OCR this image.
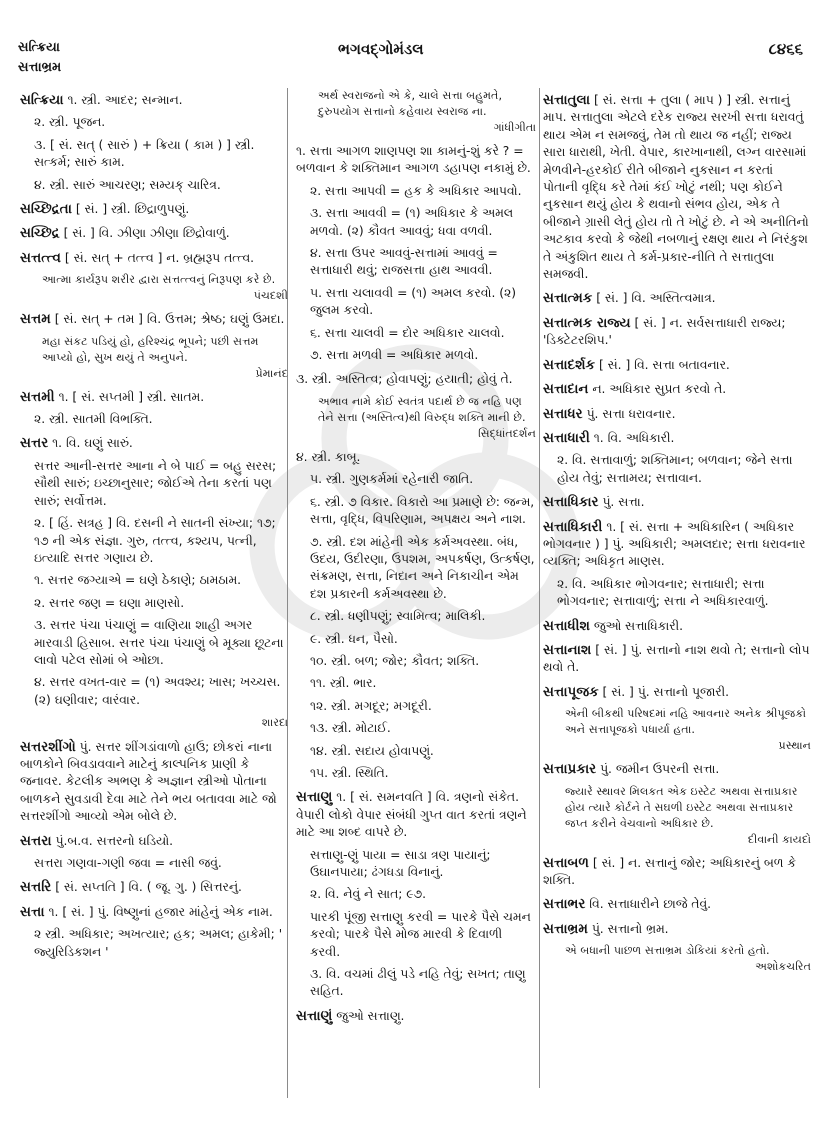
સત્ક્રિયા
સત્તાભ્રમ
ભગવદ્ગોમંડલ	૮૪૬૬
સત્ક્રિયા ૧. સ્ત્રી. આદર; સન્માન.
૨. સ્ત્રી. પૂજન.
૩. [ સં. સત્ ( સારું ) + ક્રિયા ( કામ ) ] સ્ત્રી. સત્કર્મ; સારું કામ.
૪. સ્ત્રી. સારું આચરણ; સમ્યક્ ચારિત્ર.
સચ્છિદ્રતા [ સં. ] સ્ત્રી. છિદ્રાળુપણું.
સચ્છિદ્ર [ સં. ] વિ. ઝીણા ઝીણા છિદ્રોવાળું.
સત્તત્ત્વ [ સં. સત્ + તત્ત્વ ] ન. બ્રહ્મરૂપ તત્ત્વ.
આત્મા કાર્યરૂપ શરીર દ્વારા સત્તત્ત્વનું નિરૂપણ કરે છે.
પંચદશી
સત્તમ [ સં. સત્ + તમ ] વિ. ઉત્તમ; શ્રેષ્ઠ; ઘણું ઉમદા.
મહા સંકટ પડિયું હો, હરિશ્ચંદ્ર ભૂપને; પછી સત્તમ આપ્યો હો, સુખ થયું તે અનુપને.
પ્રેમાનંદ
સત્તમી ૧. [ સં. સપ્તમી ] સ્ત્રી. સાતમ.
૨. સ્ત્રી. સાતમી વિભક્તિ.
સત્તર ૧. વિ. ઘણું સારું.
સત્તર આની-સત્તર આના ને બે પાઈ = બહુ સરસ; સૌથી સારું; ઇચ્છાનુસાર; જોઈએ તેના કરતાં પણ સારું; સર્વોત્તમ.
૨. [ હિં. સત્રહ ] વિ. દસની ને સાતની સંખ્યા; ૧૭; ૧૭ ની એક સંજ્ઞા. ગુરુ, તત્ત્વ, કશ્યપ, પત્ની, ઇત્યાદિ સત્તર ગણાય છે.
૧. સત્તર જગ્યાએ = ઘણે ઠેકાણે; ઠામઠામ.
૨. સત્તર જણ = ઘણા માણસો.
૩. સત્તર પંચા પંચાણું = વાણિયા શાહી અગર મારવાડી હિસાબ. સત્તર પંચા પંચાણું બે મૂક્યા છૂટના લાવો પટેલ સોમાં બે ઓછા.
૪. સત્તર વખત-વાર = (૧) અવશ્ય; ખાસ; ખચ્ચસ. (૨) ઘણીવાર; વારંવાર.
શારદા
સત્તરશીંગો પું. સત્તર શીંગડાંવાળો હાઉ; છોકરાં નાના બાળકોને બિવડાવવાને માટેનું કાલ્પનિક પ્રાણી કે જનાવર. કેટલીક અભણ કે અજ્ઞાન સ્ત્રીઓ પોતાના બાળકને સુવડાવી દેવા માટે તેને ભય બતાવવા માટે જો સત્તરશીંગો આવ્યો એમ બોલે છે.
સત્તરા પું.બ.વ. સત્તરનો ઘડિયો.
સત્તરા ગણવા-ગણી જવા = નાસી જવું.
સત્તરિ [ સં. સપ્તતિ ] વિ. ( જૂ. ગુ. ) સિત્તરનું.
સત્તા ૧. [ સં. ] પું. વિષ્ણુનાં હજાર માંહેનું એક નામ.
૨ સ્ત્રી. અધિકાર; અખત્યાર; હક; અમલ; હાકેમી; ' જ્યુરિડિકશન '
અર્થ સ્વરાજનો એ કે, ચાલે સત્તા બહુમતે, દુરુપયોગ સત્તાનો કહેવાય સ્વરાજ ના.
ગાંધીગીતા
૧. સત્તા આગળ શાણપણ શા કામનું-શું કરે ? = બળવાન કે શક્તિમાન આગળ ડહાપણ નકામું છે.
૨. સત્તા આપવી = હક કે અધિકાર આપવો.
૩. સત્તા આવવી = (૧) અધિકાર કે અમલ મળવો. (૨) કૌવત આવવું; ધવા વળવી.
૪. સત્તા ઉપર આવવું-સત્તામાં આવવું = સત્તાધારી થવું; રાજસત્તા હાથ આવવી.
૫. સત્તા ચલાવવી = (૧) અમલ કરવો. (૨) જુલમ કરવો.
૬. સત્તા ચાલવી = દોર અધિકાર ચાલવો.
૭. સત્તા મળવી = અધિકાર મળવો.
૩. સ્ત્રી. અસ્તિત્વ; હોવાપણું; હયાતી; હોવું તે.
અભાવ નામે કોઈ સ્વતંત્ર પદાર્થ છે જ નહિ પણ તેને સત્તા (અસ્તિત્વ)થી વિરુદ્ધ શક્તિ માની છે.
સિદ્ધાંતદર્શન
૪. સ્ત્રી. કાબૂ.
૫. સ્ત્રી. ગુણકર્મમાં રહેનારી જાતિ.
૬. સ્ત્રી. ૭ વિકાર. વિકારો આ પ્રમાણે છે: જન્મ, સત્તા, વૃદ્ધિ, વિપરિણામ, અપક્ષય અને નાશ.
૭. સ્ત્રી. દશ માંહેની એક કર્મઅવસ્થા. બંધ, ઉદય, ઉદીરણા, ઉપશમ, અપકર્ષણ, ઉત્કર્ષણ, સંક્રમણ, સત્તા, નિદાન અને નિકાચીન એમ દશ પ્રકારની કર્મઅવસ્થા છે.
૮. સ્ત્રી. ધણીપણું; સ્વામિત્વ; માલિકી.
૯. સ્ત્રી. ધન, પૈસો.
૧૦. સ્ત્રી. બળ; જોર; કૌવત; શક્તિ.
૧૧. સ્ત્રી. ભાર.
૧૨. સ્ત્રી. મગદૂર; મગદૂરી.
૧૩. સ્ત્રી. મોટાઈ.
૧૪. સ્ત્રી. સદાય હોવાપણું.
૧૫. સ્ત્રી. સ્થિતિ.
સત્તાણુ ૧. [ સં. સમનવતિ ] વિ. ત્રણનો સંકેત. વેપારી લોકો વેપાર સંબંધી ગુપ્ત વાત કરતાં ત્રણને માટે આ શબ્દ વાપરે છે.
સત્તાણુ-ણું પાયા = સાડા ત્રણ પાયાનું; ઉઘાનપાયા; ઢંગધડા વિનાનું.
૨. વિ. નેવું ને સાત; ૯૭.
પારકી પૂંજી સત્તાણુ કરવી = પારકે પૈસે ચમન કરવો; પારકે પૈસે મોજ મારવી કે દિવાળી કરવી.
૩. વિ. વચમાં ઢીલું પડે નહિ તેવું; સખત; તાણુ સહિત.
સત્તાણું જુઓ સત્તાણુ.
સત્તાતુલા [ સં. સત્તા + તુલા ( માપ ) ] સ્ત્રી. સત્તાનું માપ. સત્તાતુલા એટલે દરેક રાજ્ય સરખી સત્તા ધરાવતું થાય એમ ન સમજવું, તેમ તો થાય જ નહીં; રાજ્ય સારા ધારાથી, ખેતી. વેપાર, કારખાનાથી, લગ્ન વારસામાં મેળવીને-હરકોઈ રીતે બીજાને નુકસાન ન કરતાં પોતાની વૃદ્ધિ કરે તેમાં કંઈ ખોટું નથી; પણ કોઈને નુકસાન થયું હોય કે થવાનો સંભવ હોય, એક તે બીજાને ગ્રાસી લેતું હોય તો તે ખોટું છે. ને એ અનીતિનો અટકાવ કરવો કે જેથી નબળાનું રક્ષણ થાય ને નિરંકુશ તે અંકુશિત થાય તે કર્મ-પ્રકાર-નીતિ તે સત્તાતુલા સમજવી.
સત્તાત્મક [ સં. ] વિ. અસ્તિત્વમાત્ર.
સત્તાત્મક રાજ્ય [ સં. ] ન. સર્વસત્તાધારી રાજ્ય; 'ડિક્ટેટરશિપ.'
સત્તાદર્શક [ સં. ] વિ. સત્તા બતાવનાર.
સત્તાદાન ન. અધિકાર સુપ્રત કરવો તે.
સત્તાધર પું. સત્તા ધરાવનાર.
સત્તાધારી ૧. વિ. અધિકારી.
૨. વિ. સત્તાવાળું; શક્તિમાન; બળવાન; જેને સત્તા હોય તેવું; સત્તામય; સત્તાવાન.
સત્તાધિકાર પું. સત્તા.
સત્તાધિકારી ૧. [ સં. સત્તા + અધિકારિન ( અધિકાર ભોગવનાર ) ] પું. અધિકારી; અમલદાર; સત્તા ધરાવનાર વ્યક્તિ; અધિકૃત માણસ.
૨. વિ. અધિકાર ભોગવનાર; સત્તાધારી; સત્તા ભોગવનાર; સત્તાવાળું; સત્તા ને અધિકારવાળું.
સત્તાધીશ જુઓ સત્તાધિકારી.
સત્તાનાશ [ સં. ] પું. સત્તાનો નાશ થવો તે; સત્તાનો લોપ થવો તે.
સત્તાપૂજક [ સં. ] પું. સત્તાનો પૂજારી.
એની બીકથી પરિષદમાં નહિ આવનાર અનેક શ્રીપૂજકો અને સત્તાપૂજકો પધાર્યા હતા.
પ્રસ્થાન
સત્તાપ્રકાર પું. જમીન ઉપરની સત્તા.
જ્યારે સ્થાવર મિલકત એક ઇસ્ટેટ અથવા સત્તાપ્રકાર હોય ત્યારે કોર્ટને તે સઘળી ઇસ્ટેટ અથવા સત્તાપ્રકાર જપ્ત કરીને વેચવાનો અધિકાર છે.
દીવાની કાયદો
સત્તાબળ [ સં. ] ન. સત્તાનું જોર; અધિકારનું બળ કે શક્તિ.
સત્તાભર વિ. સત્તાધારીને છાજે તેવું.
સત્તાભ્રમ પું. સત્તાનો ભ્રમ.
એ બધાની પાછળ સત્તાભ્રમ ડોકિયાં કરતો હતો.
અશોકચરિત
